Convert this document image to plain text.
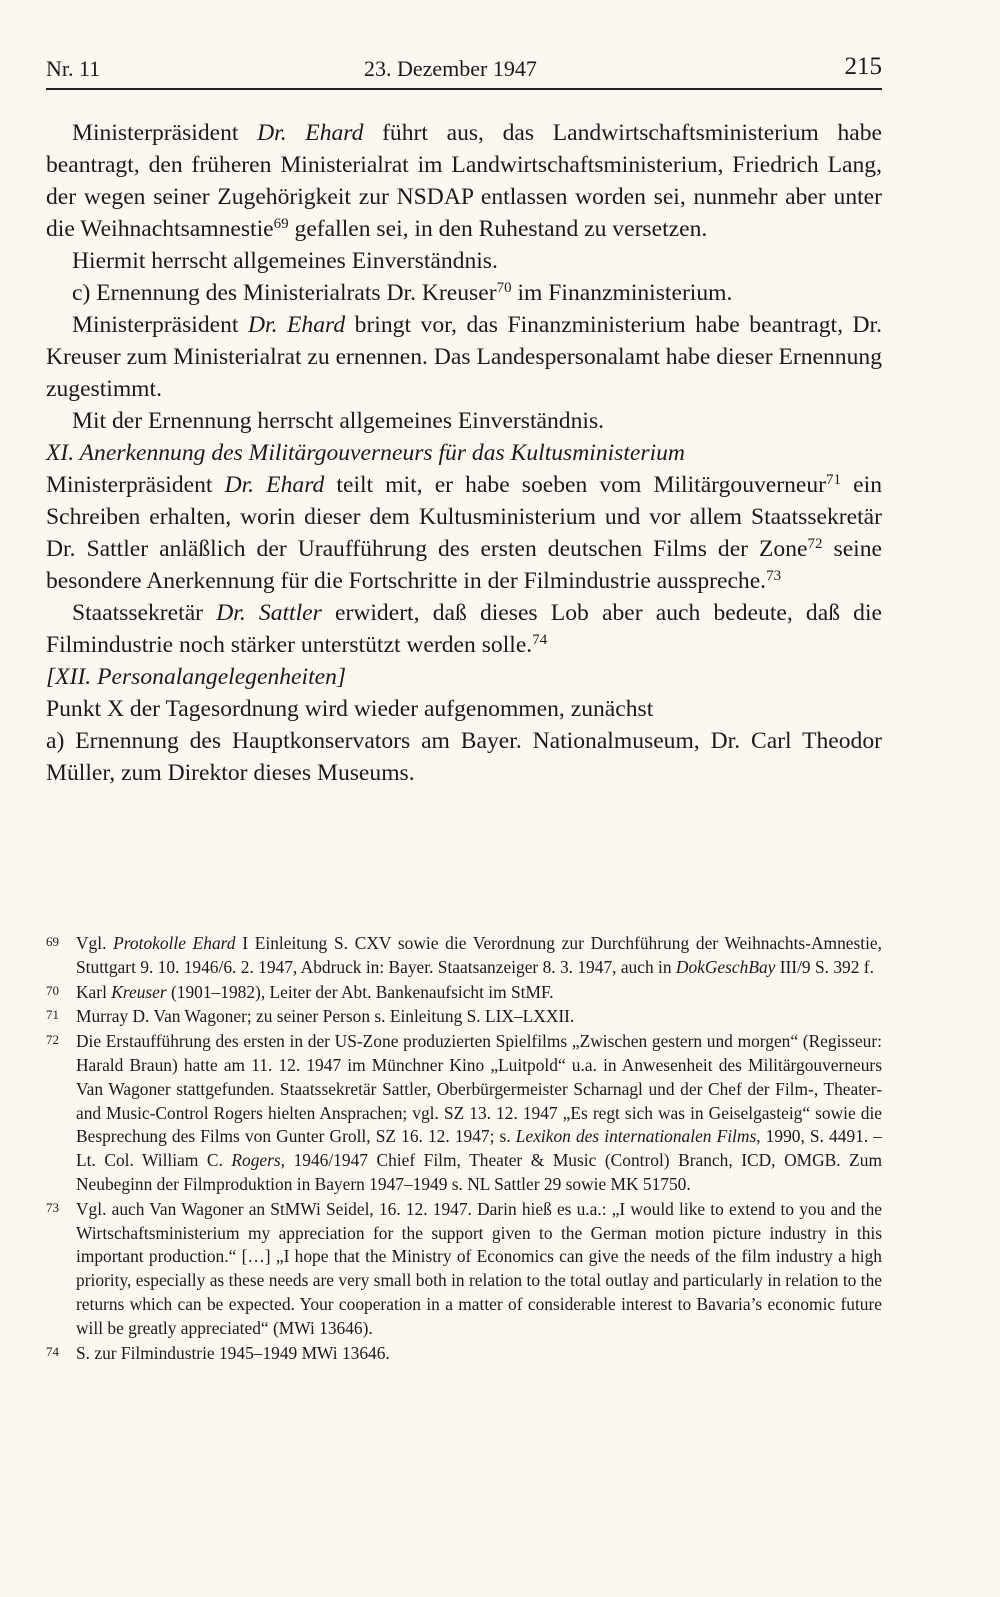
Nr. 11	23. Dezember 1947	215

Ministerpräsident Dr. Ehard führt aus, das Landwirtschaftsministerium habe beantragt, den früheren Ministerialrat im Landwirtschaftsministerium, Friedrich Lang, der wegen seiner Zugehörigkeit zur NSDAP entlassen worden sei, nunmehr aber unter die Weihnachtsamnestie$^{69}$ gefallen sei, in den Ruhestand zu versetzen.

Hiermit herrscht allgemeines Einverständnis.

c) Ernennung des Ministerialrats Dr. Kreuser$^{70}$ im Finanzministerium.

Ministerpräsident Dr. Ehard bringt vor, das Finanzministerium habe beantragt, Dr. Kreuser zum Ministerialrat zu ernennen. Das Landespersonalamt habe dieser Ernennung zugestimmt.

Mit der Ernennung herrscht allgemeines Einverständnis.

XI. Anerkennung des Militärgouverneurs für das Kultusministerium

Ministerpräsident Dr. Ehard teilt mit, er habe soeben vom Militärgouverneur$^{71}$ ein Schreiben erhalten, worin dieser dem Kultusministerium und vor allem Staatssekretär Dr. Sattler anläßlich der Uraufführung des ersten deutschen Films der Zone$^{72}$ seine besondere Anerkennung für die Fortschritte in der Filmindustrie ausspreche.$^{73}$

Staatssekretär Dr. Sattler erwidert, daß dieses Lob aber auch bedeute, daß die Filmindustrie noch stärker unterstützt werden solle.$^{74}$

[XII. Personalangelegenheiten]

Punkt X der Tagesordnung wird wieder aufgenommen, zunächst

a) Ernennung des Hauptkonservators am Bayer. Nationalmuseum, Dr. Carl Theodor Müller, zum Direktor dieses Museums.

69 Vgl. Protokolle Ehard I Einleitung S. CXV sowie die Verordnung zur Durchführung der Weihnachts-Amnestie, Stuttgart 9. 10. 1946/6. 2. 1947, Abdruck in: Bayer. Staatsanzeiger 8. 3. 1947, auch in DokGeschBay III/9 S. 392 f.

70 Karl Kreuser (1901–1982), Leiter der Abt. Bankenaufsicht im StMF.

71 Murray D. Van Wagoner; zu seiner Person s. Einleitung S. LIX–LXXII.

72 Die Erstaufführung des ersten in der US-Zone produzierten Spielfilms „Zwischen gestern und morgen“ (Regisseur: Harald Braun) hatte am 11. 12. 1947 im Münchner Kino „Luitpold“ u.a. in Anwesenheit des Militärgouverneurs Van Wagoner stattgefunden. Staatssekretär Sattler, Oberbürgermeister Scharnagl und der Chef der Film-, Theater- and Music-Control Rogers hielten Ansprachen; vgl. SZ 13. 12. 1947 „Es regt sich was in Geiselgasteig“ sowie die Besprechung des Films von Gunter Groll, SZ 16. 12. 1947; s. Lexikon des internationalen Films, 1990, S. 4491. – Lt. Col. William C. Rogers, 1946/1947 Chief Film, Theater & Music (Control) Branch, ICD, OMGB. Zum Neubeginn der Filmproduktion in Bayern 1947–1949 s. NL Sattler 29 sowie MK 51750.

73 Vgl. auch Van Wagoner an StMWi Seidel, 16. 12. 1947. Darin hieß es u.a.: „I would like to extend to you and the Wirtschaftsministerium my appreciation for the support given to the German motion picture industry in this important production.“ […] „I hope that the Ministry of Economics can give the needs of the film industry a high priority, especially as these needs are very small both in relation to the total outlay and particularly in relation to the returns which can be expected. Your cooperation in a matter of considerable interest to Bavaria’s economic future will be greatly appreciated“ (MWi 13646).

74 S. zur Filmindustrie 1945–1949 MWi 13646.
